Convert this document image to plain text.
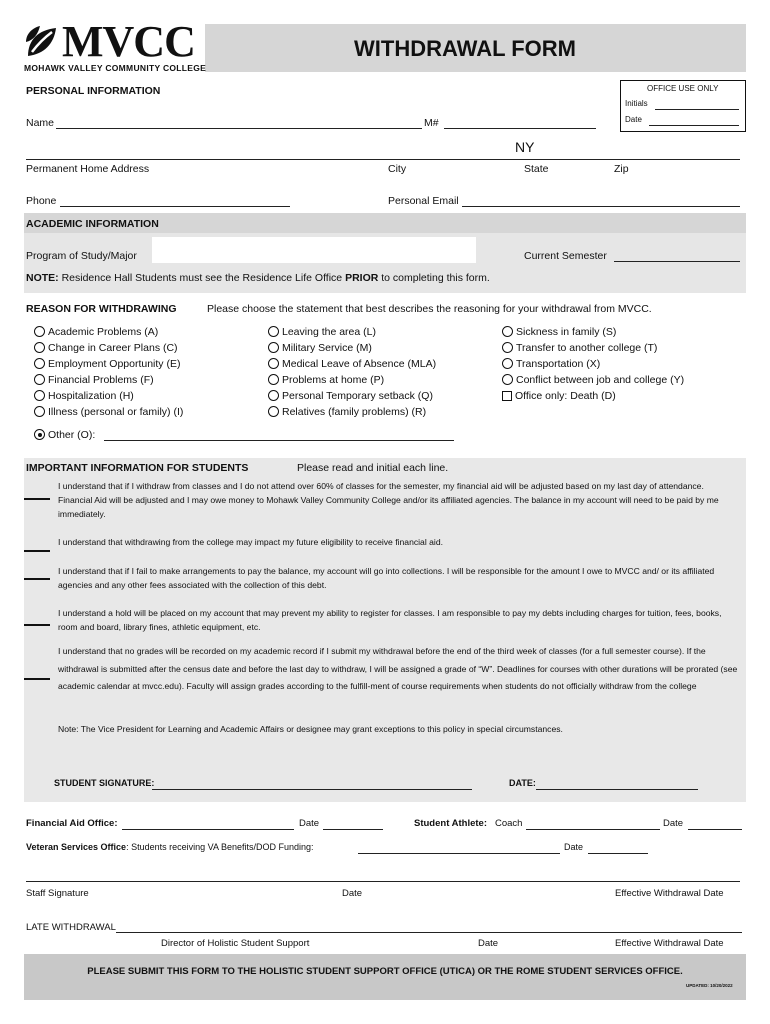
MVCC
MOHAWK VALLEY COMMUNITY COLLEGE
WITHDRAWAL FORM
OFFICE USE ONLY
Initials
Date
PERSONAL INFORMATION
Name	M#
NY
Permanent Home Address	City	State	Zip
Phone	Personal Email
ACADEMIC INFORMATION
Program of Study/Major	Current Semester
NOTE: Residence Hall Students must see the Residence Life Office PRIOR to completing this form.
REASON FOR WITHDRAWING	Please choose the statement that best describes the reasoning for your withdrawal from MVCC.
Academic Problems (A)
Change in Career Plans (C)
Employment Opportunity (E)
Financial Problems (F)
Hospitalization (H)
Illness (personal or family) (I)
Leaving the area (L)
Military Service (M)
Medical Leave of Absence (MLA)
Problems at home (P)
Personal Temporary setback (Q)
Relatives (family problems) (R)
Sickness in family (S)
Transfer to another college (T)
Transportation (X)
Conflict between job and college (Y)
Office only: Death (D)
Other (O):
IMPORTANT INFORMATION FOR STUDENTS	Please read and initial each line.
I understand that if I withdraw from classes and I do not attend over 60% of classes for the semester, my financial aid will be adjusted based on my last day of attendance. Financial Aid will be adjusted and I may owe money to Mohawk Valley Community College and/or its affiliated agencies. The balance in my account will need to be paid by me immediately.
I understand that withdrawing from the college may impact my future eligibility to receive financial aid.
I understand that if I fail to make arrangements to pay the balance, my account will go into collections. I will be responsible for the amount I owe to MVCC and/ or its affiliated agencies and any other fees associated with the collection of this debt.
I understand a hold will be placed on my account that may prevent my ability to register for classes. I am responsible to pay my debts including charges for tuition, fees, books, room and board, library fines, athletic equipment, etc.
I understand that no grades will be recorded on my academic record if I submit my withdrawal before the end of the third week of classes (for a full semester course). If the withdrawal is submitted after the census date and before the last day to withdraw, I will be assigned a grade of “W”. Deadlines for courses with other durations will be prorated (see academic calendar at mvcc.edu). Faculty will assign grades according to the fulfill-ment of course requirements when students do not officially withdraw from the college
Note: The Vice President for Learning and Academic Affairs or designee may grant exceptions to this policy in special circumstances.
STUDENT SIGNATURE:	DATE:
Financial Aid Office:	Date	Student Athlete: Coach	Date
Veteran Services Office: Students receiving VA Benefits/DOD Funding:	Date
Staff Signature	Date	Effective Withdrawal Date
LATE WITHDRAWAL
Director of Holistic Student Support	Date	Effective Withdrawal Date
PLEASE SUBMIT THIS FORM TO THE HOLISTIC STUDENT SUPPORT OFFICE (UTICA) OR THE ROME STUDENT SERVICES OFFICE.
UPDATED: 10/20/2022
